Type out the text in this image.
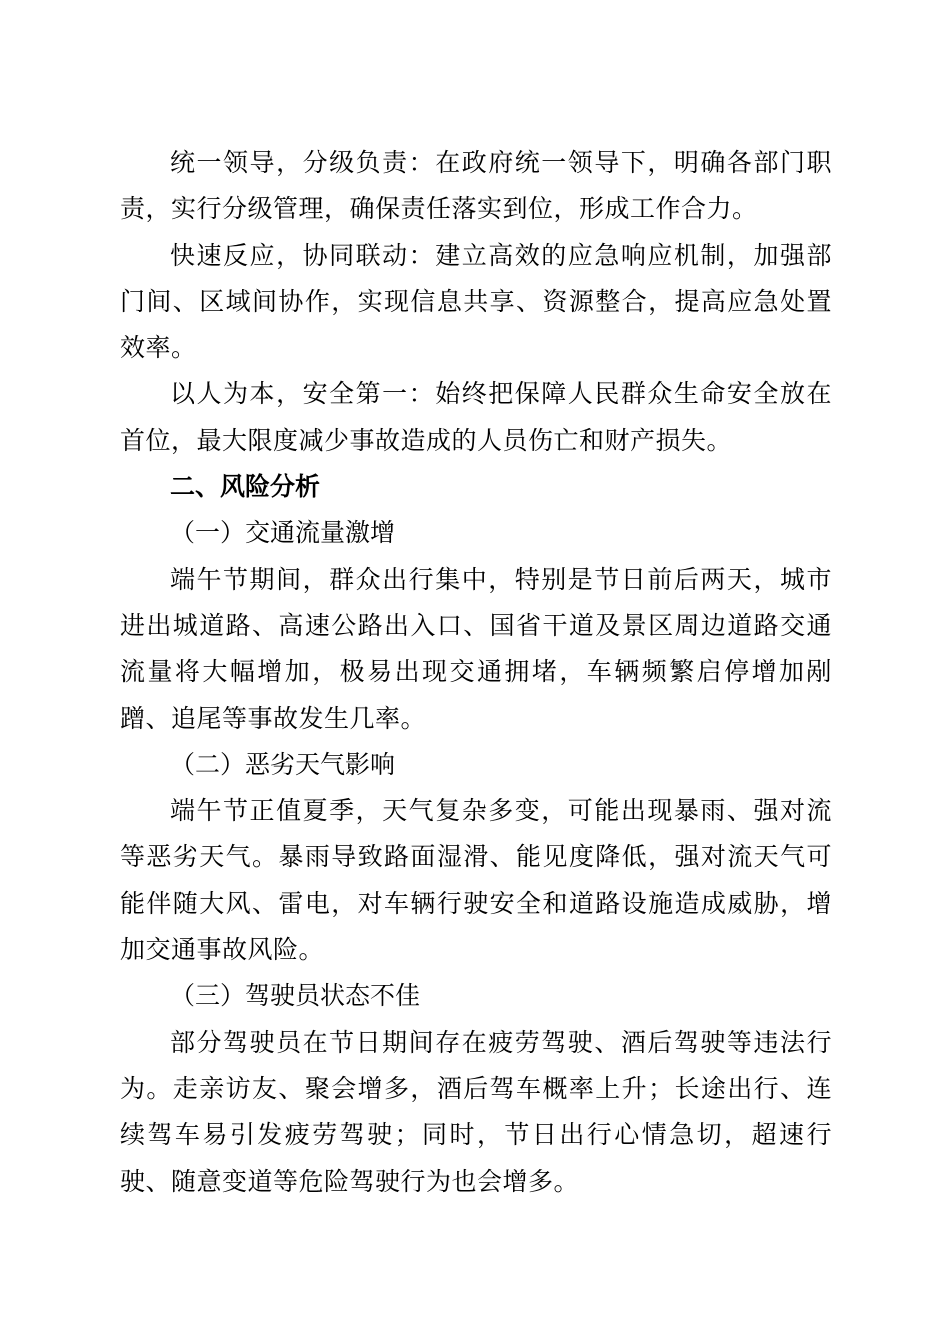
统一领导，分级负责：在政府统一领导下，明确各部门职责，实行分级管理，确保责任落实到位，形成工作合力。

快速反应，协同联动：建立高效的应急响应机制，加强部门间、区域间协作，实现信息共享、资源整合，提高应急处置效率。

以人为本，安全第一：始终把保障人民群众生命安全放在首位，最大限度减少事故造成的人员伤亡和财产损失。

二、风险分析

（一）交通流量激增

端午节期间，群众出行集中，特别是节日前后两天，城市进出城道路、高速公路出入口、国省干道及景区周边道路交通流量将大幅增加，极易出现交通拥堵，车辆频繁启停增加剐蹭、追尾等事故发生几率。

（二）恶劣天气影响

端午节正值夏季，天气复杂多变，可能出现暴雨、强对流等恶劣天气。暴雨导致路面湿滑、能见度降低，强对流天气可能伴随大风、雷电，对车辆行驶安全和道路设施造成威胁，增加交通事故风险。

（三）驾驶员状态不佳

部分驾驶员在节日期间存在疲劳驾驶、酒后驾驶等违法行为。走亲访友、聚会增多，酒后驾车概率上升；长途出行、连续驾车易引发疲劳驾驶；同时，节日出行心情急切，超速行驶、随意变道等危险驾驶行为也会增多。
